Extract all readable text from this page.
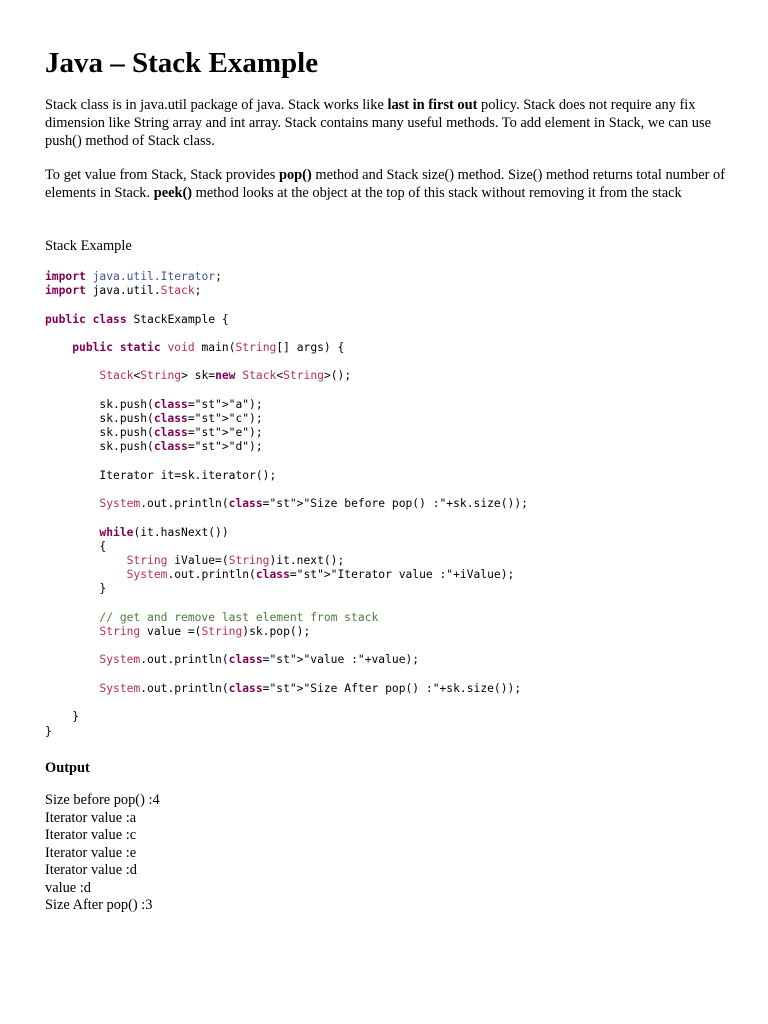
Java – Stack Example

Stack class is in java.util package of java. Stack works like last in first out policy. Stack does not require any fix dimension like String array and int array. Stack contains many useful methods. To add element in Stack, we can use push() method of Stack class.

To get value from Stack, Stack provides pop() method and Stack size() method. Size() method returns total number of elements in Stack. peek() method looks at the object at the top of this stack without removing it from the stack

Stack Example

import java.util.Iterator;
import java.util.Stack;

public class StackExample {

public static void main(String[] args) {

Stack<String> sk=new Stack<String>();

sk.push(class="st">"a");
sk.push(class="st">"c");
sk.push(class="st">"e");
sk.push(class="st">"d");

Iterator it=sk.iterator();

System.out.println(class="st">"Size before pop() :"+sk.size());

while(it.hasNext())
{
String iValue=(String)it.next();
System.out.println(class="st">"Iterator value :"+iValue);
}

// get and remove last element from stack
String value =(String)sk.pop();

System.out.println(class="st">"value :"+value);

System.out.println(class="st">"Size After pop() :"+sk.size());

}
}

Output

Size before pop() :4
Iterator value :a
Iterator value :c
Iterator value :e
Iterator value :d
value :d
Size After pop() :3
